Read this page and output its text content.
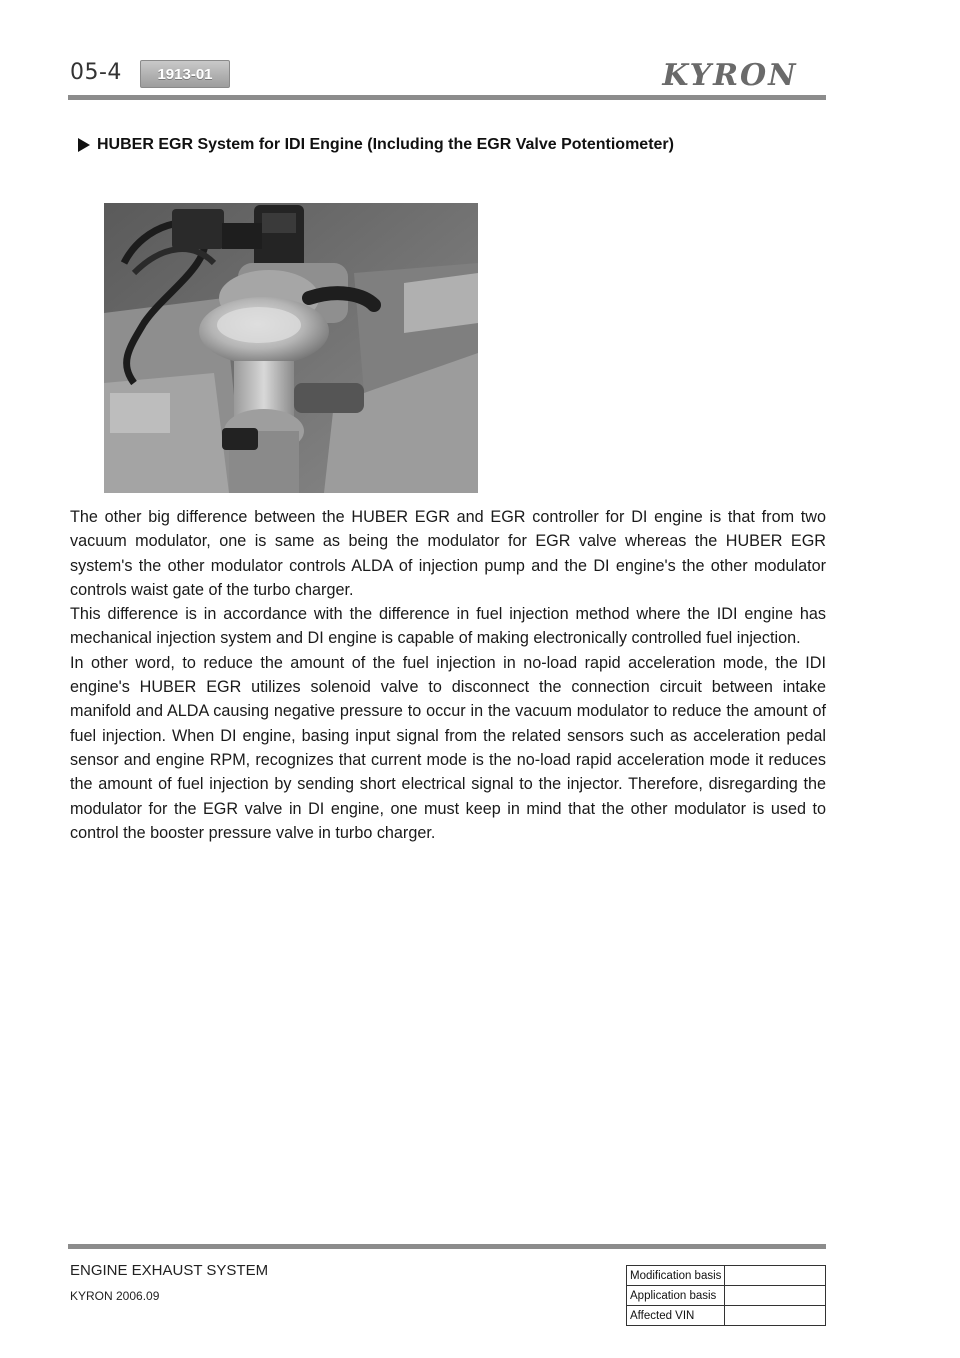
05-4	1913-01	KYRON
HUBER EGR System for IDI Engine (Including the EGR Valve Potentiometer)

The other big difference between the HUBER EGR and EGR controller for DI engine is that from two vacuum modulator, one is same as being the modulator for EGR valve whereas the HUBER EGR system's the other modulator controls ALDA of injection pump and the DI engine's the other modulator controls waist gate of the turbo charger.

This difference is in accordance with the difference in fuel injection method where the IDI engine has mechanical injection system and DI engine is capable of making electronically controlled fuel injection.

In other word, to reduce the amount of the fuel injection in no-load rapid acceleration mode, the IDI engine's HUBER EGR utilizes solenoid valve to disconnect the connection circuit between intake manifold and ALDA causing negative pressure to occur in the vacuum modulator to reduce the amount of fuel injection. When DI engine, basing input signal from the related sensors such as acceleration pedal sensor and engine RPM, recognizes that current mode is the no-load rapid acceleration mode it reduces the amount of fuel injection by sending short electrical signal to the injector. Therefore, disregarding the modulator for the EGR valve in DI engine, one must keep in mind that the other modulator is used to control the booster pressure valve in turbo charger.

ENGINE EXHAUST SYSTEM
KYRON 2006.09
Modification basis	
Application basis	
Affected VIN	
